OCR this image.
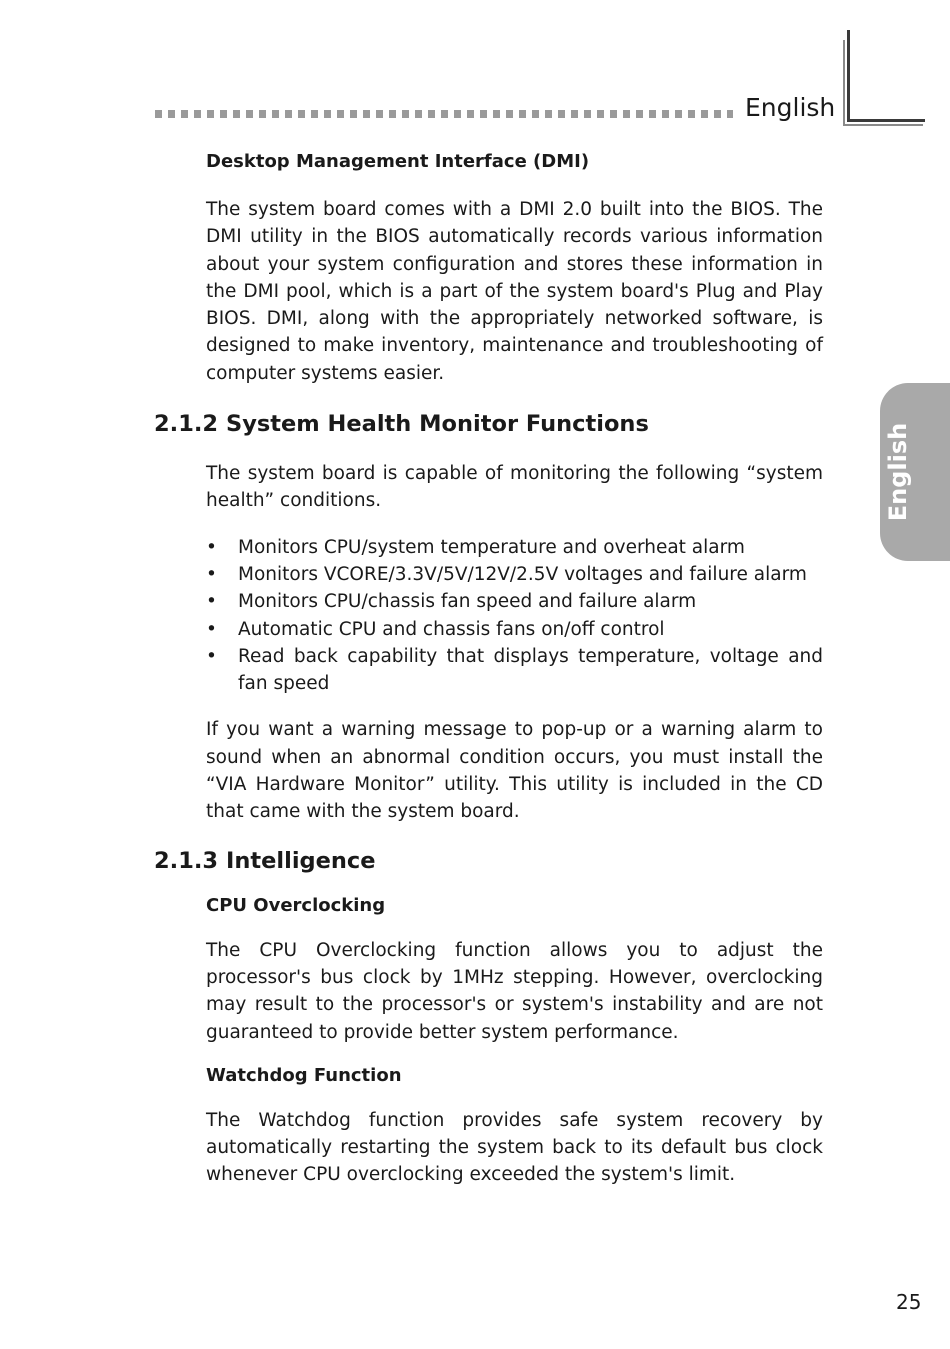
English
English
Desktop Management Interface (DMI)

The system board comes with a DMI 2.0 built into the BIOS. The DMI utility in the BIOS automatically records various information about your system configuration and stores these information in the DMI pool, which is a part of the system board's Plug and Play BIOS. DMI, along with the appropriately networked software, is designed to make inventory, maintenance and troubleshooting of computer systems easier.

2.1.2 System Health Monitor Functions

The system board is capable of monitoring the following “system health” conditions.

• Monitors CPU/system temperature and overheat alarm
• Monitors VCORE/3.3V/5V/12V/2.5V voltages and failure alarm
• Monitors CPU/chassis fan speed and failure alarm
• Automatic CPU and chassis fans on/off control
• Read back capability that displays temperature, voltage and fan speed

If you want a warning message to pop-up or a warning alarm to sound when an abnormal condition occurs, you must install the “VIA Hardware Monitor” utility. This utility is included in the CD that came with the system board.

2.1.3 Intelligence
CPU Overclocking

The CPU Overclocking function allows you to adjust the processor's bus clock by 1MHz stepping. However, overclocking may result to the processor's or system's instability and are not guaranteed to provide better system performance.

Watchdog Function

The Watchdog function provides safe system recovery by automatically restarting the system back to its default bus clock whenever CPU overclocking exceeded the system's limit.

25
